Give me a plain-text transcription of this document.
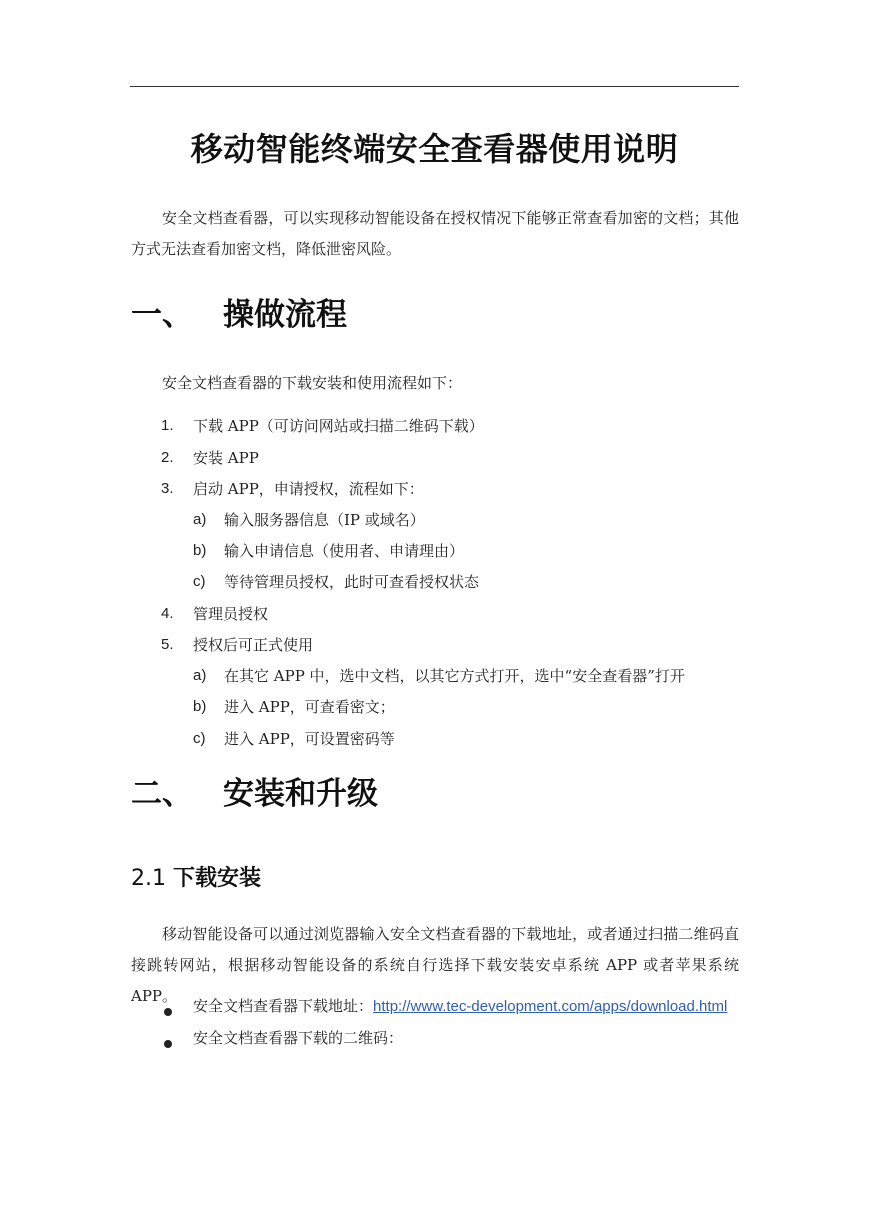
移动智能终端安全查看器使用说明
安全文档查看器，可以实现移动智能设备在授权情况下能够正常查看加密的文档；其他方式无法查看加密文档，降低泄密风险。
一、 操做流程
安全文档查看器的下载安装和使用流程如下：
1. 下载 APP（可访问网站或扫描二维码下载）
2. 安装 APP
3. 启动 APP，申请授权，流程如下：
a) 输入服务器信息（IP 或域名）
b) 输入申请信息（使用者、申请理由）
c) 等待管理员授权，此时可查看授权状态
4. 管理员授权
5. 授权后可正式使用
a) 在其它 APP 中，选中文档，以其它方式打开，选中“安全查看器”打开
b) 进入 APP，可查看密文；
c) 进入 APP，可设置密码等
二、 安装和升级
2.1 下载安装
移动智能设备可以通过浏览器输入安全文档查看器的下载地址，或者通过扫描二维码直接跳转网站，根据移动智能设备的系统自行选择下载安装安卓系统 APP 或者苹果系统 APP。
安全文档查看器下载地址：http://www.tec-development.com/apps/download.html
安全文档查看器下载的二维码：
